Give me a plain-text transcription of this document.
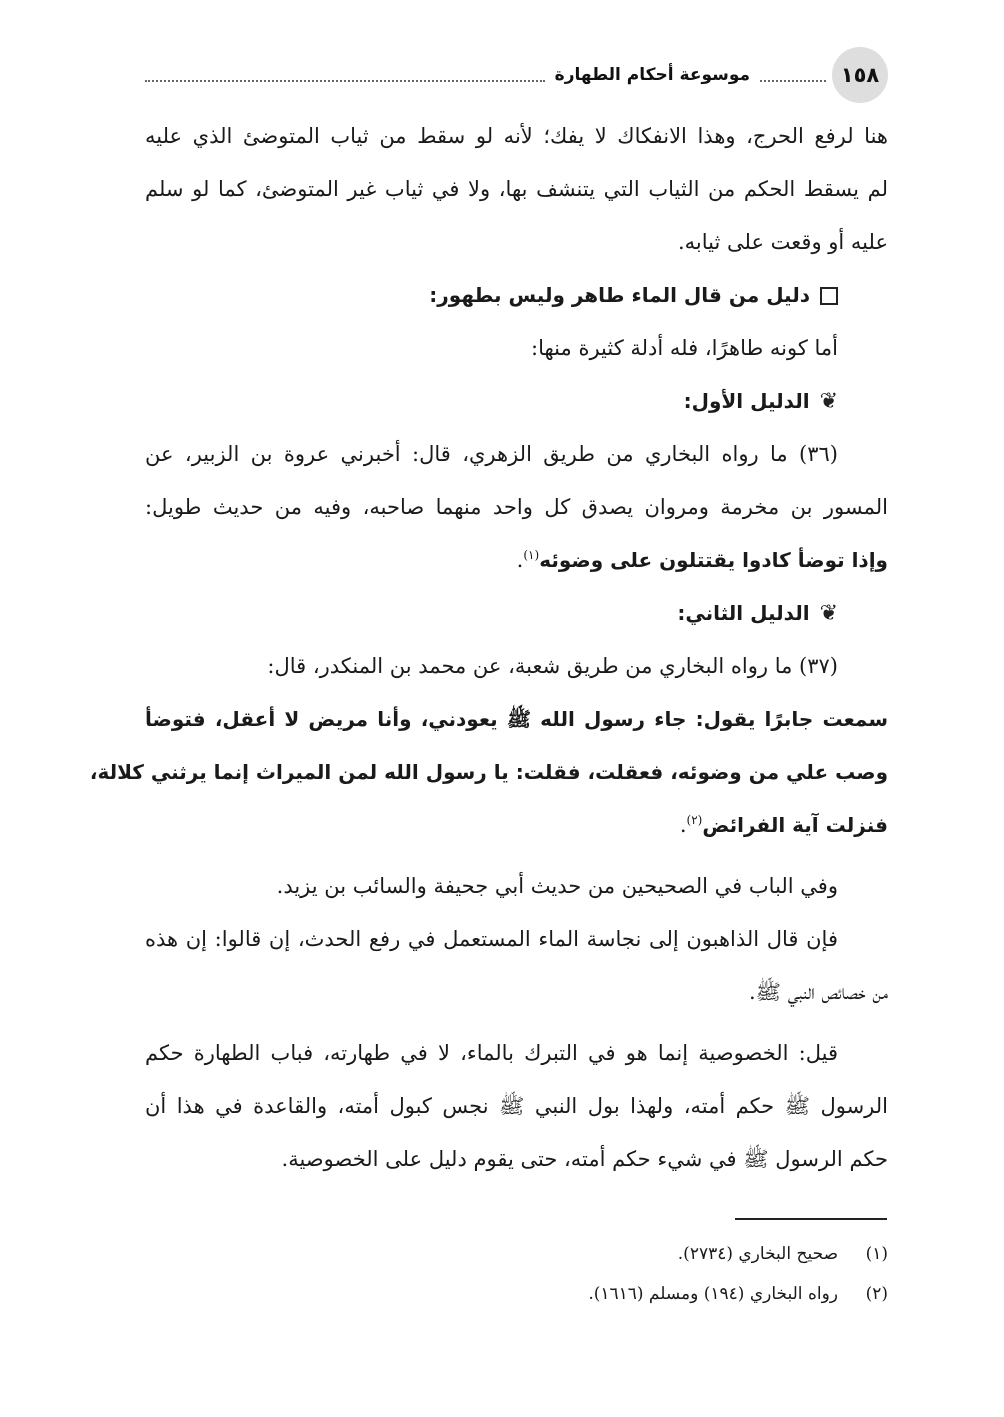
١٥٨
موسوعة أحكام الطهارة
هنا لرفع الحرج، وهذا الانفكاك لا يفك؛ لأنه لو سقط من ثياب المتوضئ الذي عليه
لم يسقط الحكم من الثياب التي يتنشف بها، ولا في ثياب غير المتوضئ، كما لو سلم
عليه أو وقعت على ثيابه.
دليل من قال الماء طاهر وليس بطهور:
أما كونه طاهرًا، فله أدلة كثيرة منها:
❦
الدليل الأول:
(٣٦) ما رواه البخاري من طريق الزهري، قال: أخبرني عروة بن الزبير، عن
المسور بن مخرمة ومروان يصدق كل واحد منهما صاحبه، وفيه من حديث طويل:
وإذا توضأ كادوا يقتتلون على وضوئه$^{(١)}$.
❦
الدليل الثاني:
(٣٧) ما رواه البخاري من طريق شعبة، عن محمد بن المنكدر، قال:
سمعت جابرًا يقول: جاء رسول الله ﷺ يعودني، وأنا مريض لا أعقل، فتوضأ
وصب علي من وضوئه، فعقلت، فقلت: يا رسول الله لمن الميراث إنما يرثني كلالة،
فنزلت آية الفرائض$^{(٢)}$.
وفي الباب في الصحيحين من حديث أبي جحيفة والسائب بن يزيد.
فإن قال الذاهبون إلى نجاسة الماء المستعمل في رفع الحدث، إن قالوا: إن هذه
من خصائص النبي ﷺ.
قيل: الخصوصية إنما هو في التبرك بالماء، لا في طهارته، فباب الطهارة حكم
الرسول ﷺ حكم أمته، ولهذا بول النبي ﷺ نجس كبول أمته، والقاعدة في هذا أن
حكم الرسول ﷺ في شيء حكم أمته، حتى يقوم دليل على الخصوصية.
(١)
صحيح البخاري (٢٧٣٤).
(٢)
رواه البخاري (١٩٤) ومسلم (١٦١٦).
